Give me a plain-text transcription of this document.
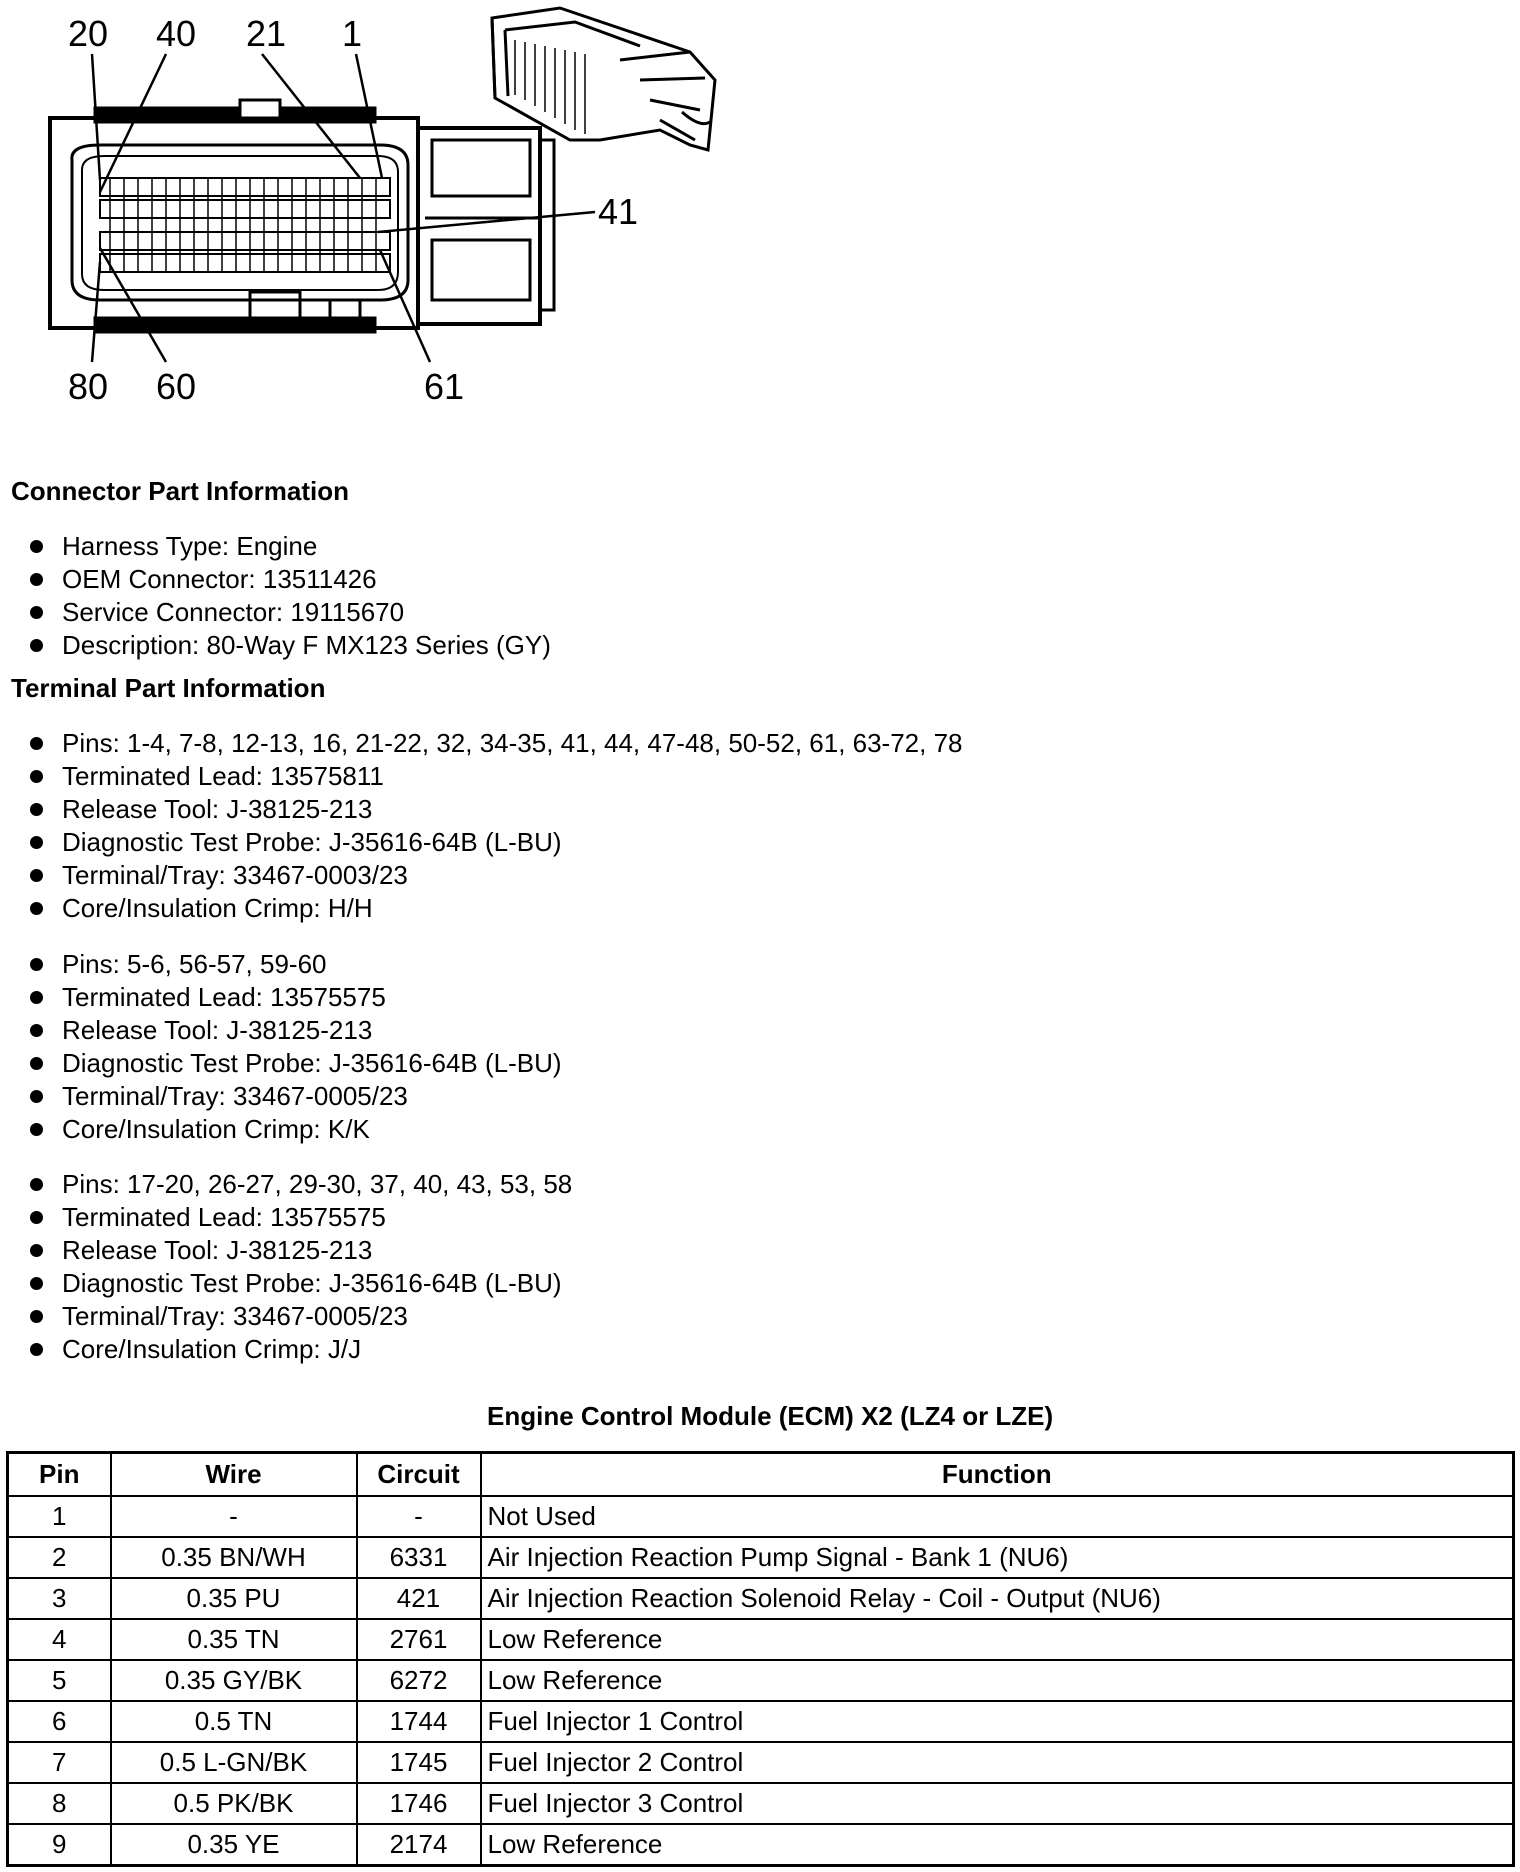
20 40 21 1
41
80 60	61
Connector Part Information
Harness Type: Engine
OEM Connector: 13511426
Service Connector: 19115670
Description: 80-Way F MX123 Series (GY)
Terminal Part Information
Pins: 1-4, 7-8, 12-13, 16, 21-22, 32, 34-35, 41, 44, 47-48, 50-52, 61, 63-72, 78
Terminated Lead: 13575811
Release Tool: J-38125-213
Diagnostic Test Probe: J-35616-64B (L-BU)
Terminal/Tray: 33467-0003/23
Core/Insulation Crimp: H/H
Pins: 5-6, 56-57, 59-60
Terminated Lead: 13575575
Release Tool: J-38125-213
Diagnostic Test Probe: J-35616-64B (L-BU)
Terminal/Tray: 33467-0005/23
Core/Insulation Crimp: K/K
Pins: 17-20, 26-27, 29-30, 37, 40, 43, 53, 58
Terminated Lead: 13575575
Release Tool: J-38125-213
Diagnostic Test Probe: J-35616-64B (L-BU)
Terminal/Tray: 33467-0005/23
Core/Insulation Crimp: J/J
Engine Control Module (ECM) X2 (LZ4 or LZE)
Pin	Wire	Circuit	Function
1	-	-	Not Used
2	0.35 BN/WH	6331	Air Injection Reaction Pump Signal - Bank 1 (NU6)
3	0.35 PU	421	Air Injection Reaction Solenoid Relay - Coil - Output (NU6)
4	0.35 TN	2761	Low Reference
5	0.35 GY/BK	6272	Low Reference
6	0.5 TN	1744	Fuel Injector 1 Control
7	0.5 L-GN/BK	1745	Fuel Injector 2 Control
8	0.5 PK/BK	1746	Fuel Injector 3 Control
9	0.35 YE	2174	Low Reference
